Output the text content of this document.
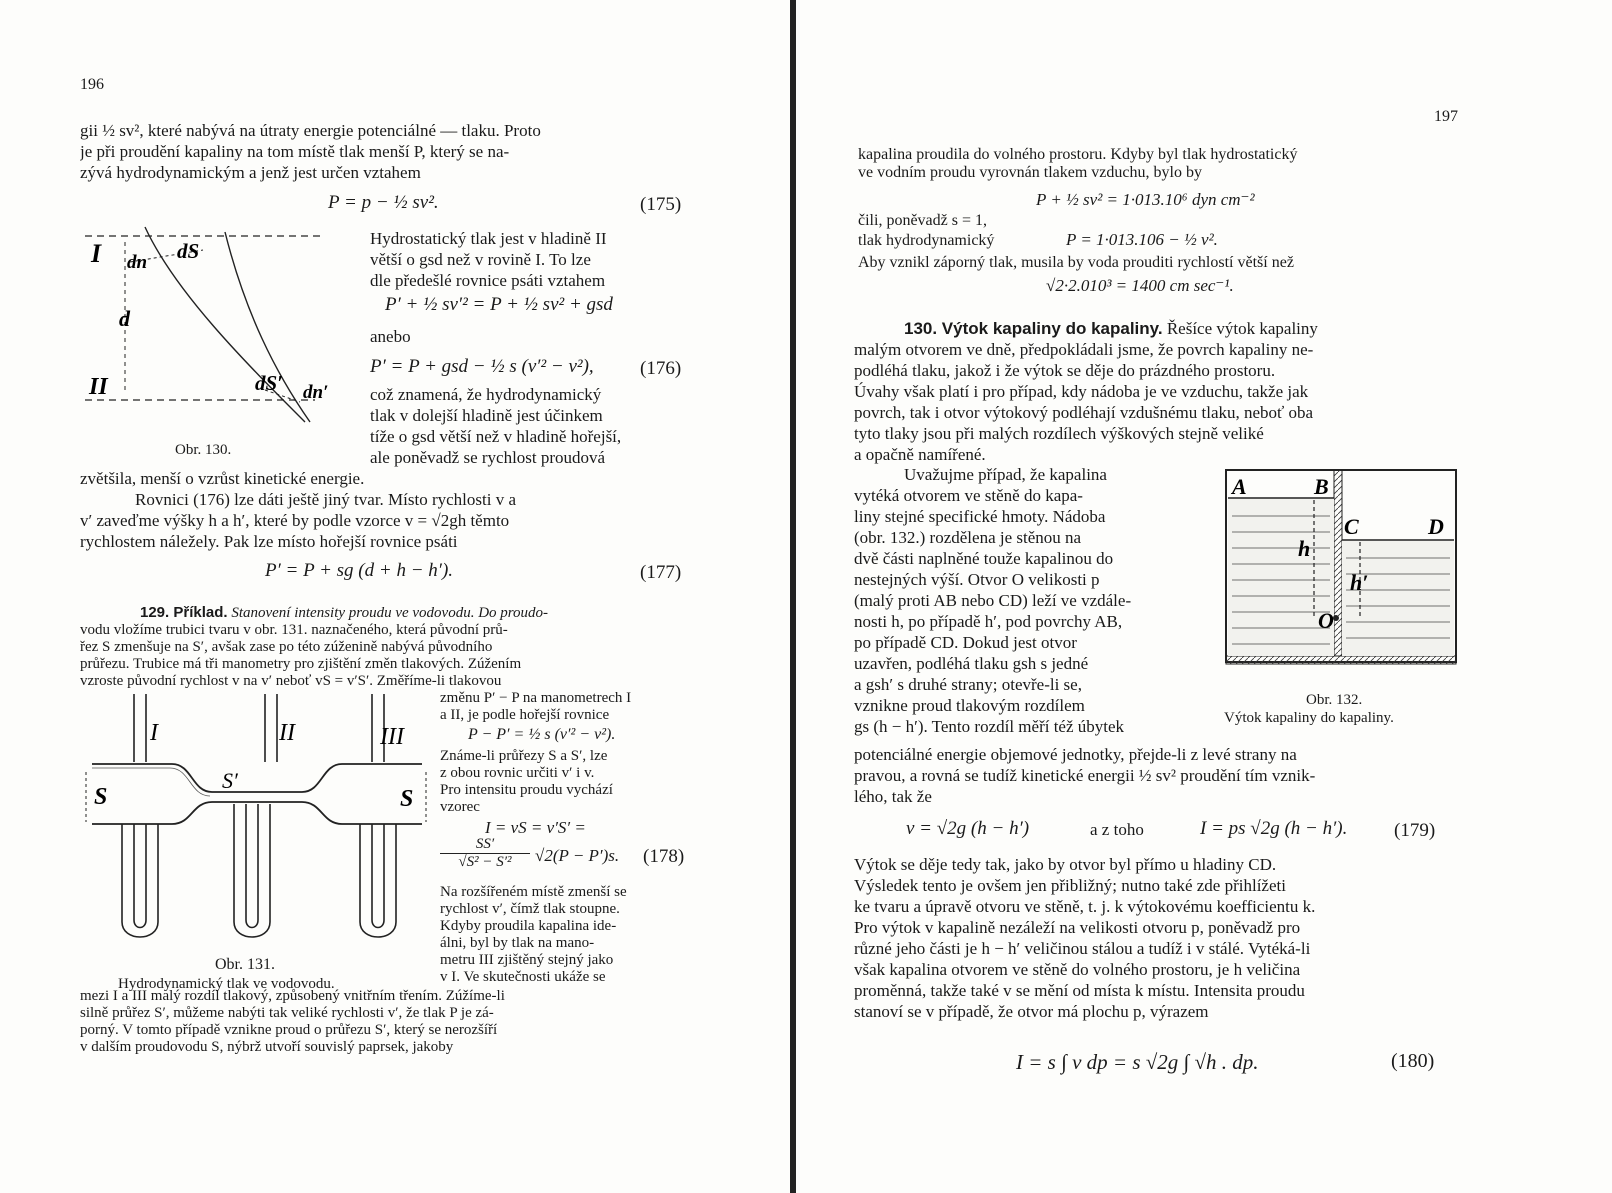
196
gii ½ sv², které nabývá na útraty energie potenciálné — tlaku. Proto
je při proudění kapaliny na tom místě tlak menší P, který se na-
zývá hydrodynamickým a jenž jest určen vztahem
P = p − ½ sv².	(175)
I dn dS
d
II	dS′ dn′
Obr. 130.
Hydrostatický tlak jest v hladině II
větší o gsd než v rovině I. To lze
dle předešlé rovnice psáti vztahem
P′ + ½ sv′² = P + ½ sv² + gsd
anebo
P′ = P + gsd − ½ s (v′² − v²), (176)
což znamená, že hydrodynamický
tlak v dolejší hladině jest účinkem
tíže o gsd větší než v hladině hořejší,
ale poněvadž se rychlost proudová
zvětšila, menší o vzrůst kinetické energie.
Rovnici (176) lze dáti ještě jiný tvar. Místo rychlosti v a
v′ zaveďme výšky h a h′, které by podle vzorce v = √2gh těmto
rychlostem náležely. Pak lze místo hořejší rovnice psáti
P′ = P + sg (d + h − h′).	(177)
129. Příklad. Stanovení intensity proudu ve vodovodu. Do proudo-
vodu vložíme trubici tvaru v obr. 131. naznačeného, která původní prů-
řez S zmenšuje na S′, avšak zase po této zúženině nabývá původního
průřezu. Trubice má tři manometry pro zjištění změn tlakových. Zúžením
vzroste původní rychlost v na v′ neboť vS = v′S′. Změříme-li tlakovou
I	II	III
S
S′
S
Obr. 131.
Hydrodynamický tlak ve vodovodu.
změnu P′ − P na manometrech I
a II, je podle hořejší rovnice
P − P′ = ½ s (v′² − v²).
Známe-li průřezy S a S′, lze
z obou rovnic určiti v′ i v.
Pro intensitu proudu vychází
vzorec
I = vS = v′S′ =
$\frac{SS'}{\text{√S² − S′²}} √2(P - P')s$. (178)
Na rozšířeném místě zmenší se
rychlost v′, čímž tlak stoupne.
Kdyby proudila kapalina ide-
álni, byl by tlak na mano-
metru III zjištěný stejný jako
v I. Ve skutečnosti ukáže se
mezi I a III malý rozdíl tlakový, způsobený vnitřním třením. Zúžíme-li
silně průřez S′, můžeme nabýti tak veliké rychlosti v′, že tlak P je zá-
porný. V tomto případě vznikne proud o průřezu S′, který se nerozšíří
v dalším proudovodu S, nýbrž utvoří souvislý paprsek, jakoby
197
kapalina proudila do volného prostoru. Kdyby byl tlak hydrostatický
ve vodním proudu vyrovnán tlakem vzduchu, bylo by
P + ½ sv² = 1·013.10⁶ dyn cm⁻²
čili, poněvadž s = 1,
tlak hydrodynamický	P = 1·013.106 − ½ v².
Aby vznikl záporný tlak, musila by voda prouditi rychlostí větší než
√2·2.010³ = 1400 cm sec⁻¹.
130. Výtok kapaliny do kapaliny. Řešíce výtok kapaliny
malým otvorem ve dně, předpokládali jsme, že povrch kapaliny ne-
podléhá tlaku, jakož i že výtok se děje do prázdného prostoru.
Úvahy však platí i pro případ, kdy nádoba je ve vzduchu, takže jak
povrch, tak i otvor výtokový podléhají vzdušnému tlaku, neboť oba
tyto tlaky jsou při malých rozdílech výškových stejně veliké
a opačně namířené.
Uvažujme případ, že kapalina
vytéká otvorem ve stěně do kapa-
liny stejné specifické hmoty. Nádoba
(obr. 132.) rozdělena je stěnou na
dvě části naplněné touže kapalinou do
nestejných výší. Otvor O velikosti p
(malý proti AB nebo CD) leží ve vzdále-
nosti h, po případě h′, pod povrchy AB,
po případě CD. Dokud jest otvor
uzavřen, podléhá tlaku gsh s jedné
a gsh′ s druhé strany; otevře-li se,
vznikne proud tlakovým rozdílem
gs (h − h′). Tento rozdíl měří též úbytek
A	B
C	D
h
h′
O
Obr. 132.
Výtok kapaliny do kapaliny.
potenciálné energie objemové jednotky, přejde-li z levé strany na
pravou, a rovná se tudíž kinetické energii ½ sv² proudění tím vznik-
lého, tak že
v = √2g (h − h′)	a z toho	I = ps √2g (h − h′). (179)
Výtok se děje tedy tak, jako by otvor byl přímo u hladiny CD.
Výsledek tento je ovšem jen přibližný; nutno také zde přihlížeti
ke tvaru a úpravě otvoru ve stěně, t. j. k výtokovému koefficientu k.
Pro výtok v kapalině nezáleží na velikosti otvoru p, poněvadž pro
různé jeho části je h − h′ veličinou stálou a tudíž i v stálé. Vytéká-li
však kapalina otvorem ve stěně do volného prostoru, je h veličina
proměnná, takže také v se mění od místa k místu. Intensita proudu
stanoví se v případě, že otvor má plochu p, výrazem
I = s ∫ v dp = s √2g ∫ √h . dp.	(180)
